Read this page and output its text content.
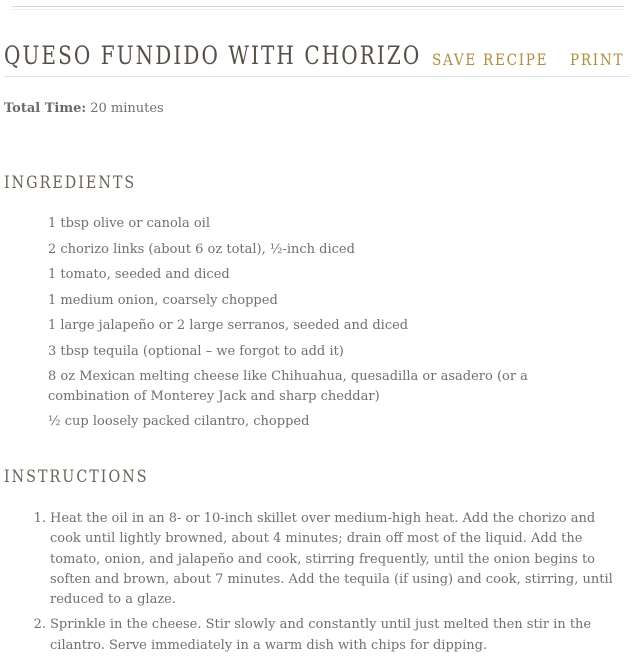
QUESO FUNDIDO WITH CHORIZO SAVE RECIPE PRINT
Total Time: 20 minutes
INGREDIENTS
1 tbsp olive or canola oil
2 chorizo links (about 6 oz total), ½-inch diced
1 tomato, seeded and diced
1 medium onion, coarsely chopped
1 large jalapeño or 2 large serranos, seeded and diced
3 tbsp tequila (optional – we forgot to add it)
8 oz Mexican melting cheese like Chihuahua, quesadilla or asadero (or a combination of Monterey Jack and sharp cheddar)
½ cup loosely packed cilantro, chopped
INSTRUCTIONS
1. Heat the oil in an 8- or 10-inch skillet over medium-high heat. Add the chorizo and cook until lightly browned, about 4 minutes; drain off most of the liquid. Add the tomato, onion, and jalapeño and cook, stirring frequently, until the onion begins to soften and brown, about 7 minutes. Add the tequila (if using) and cook, stirring, until reduced to a glaze.
2. Sprinkle in the cheese. Stir slowly and constantly until just melted then stir in the cilantro. Serve immediately in a warm dish with chips for dipping.
